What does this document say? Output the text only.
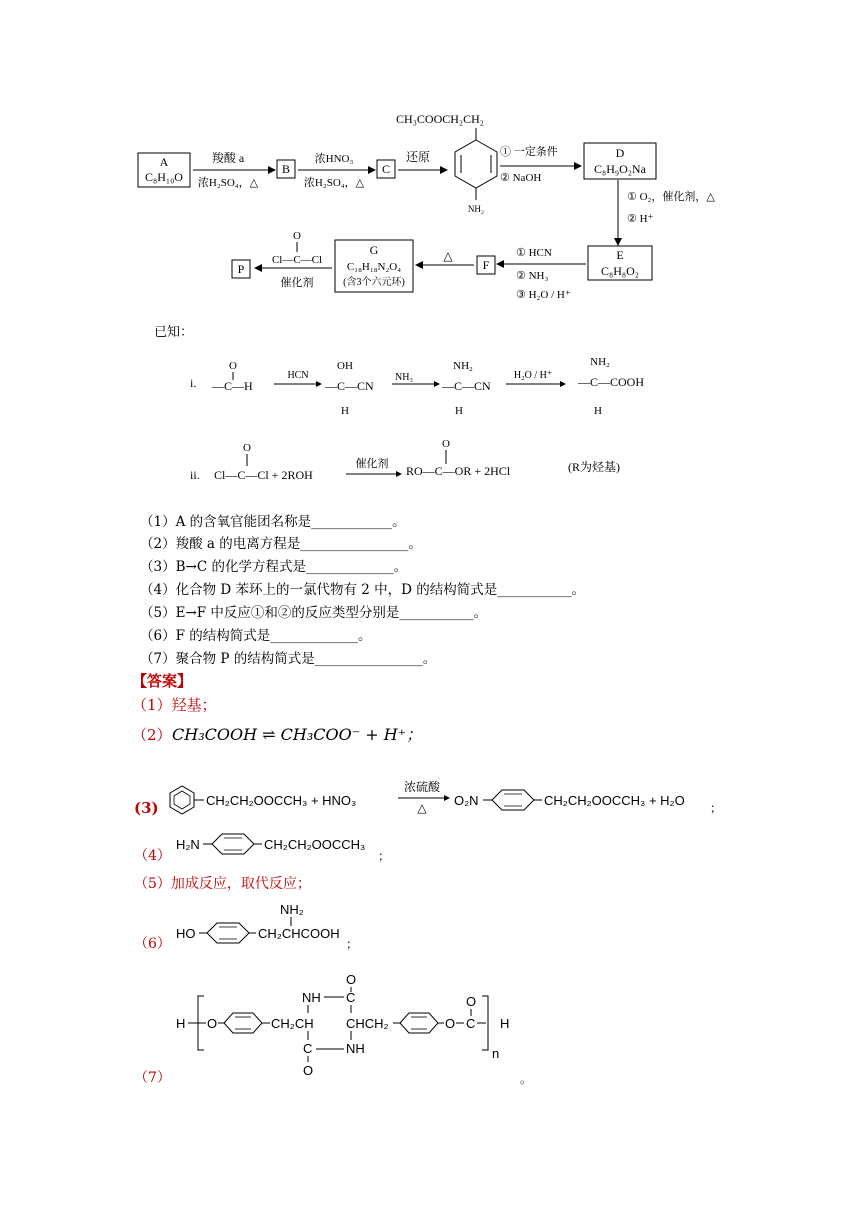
A
C₈H₁₀O
羧酸 a
浓H₂SO₄，△
B
浓HNO₃
浓H₂SO₄，△
C
还原
CH₃COOCH₂CH₂
NH₂
① 一定条件
② NaOH
D
C₈H₉O₂Na
① O₂，催化剂，△
② H⁺
E
C₈H₈O₂
① HCN
② NH₃
③ H₂O / H⁺
F
△
G
C₁₈H₁₈N₂O₄
(含3个六元环)
O
Cl—C—Cl
催化剂
P
已知：
i.
O
—C—H
HCN
OH
—C—CN
H
NH₃
NH₂
—C—CN
H
H₂O / H⁺
NH₂
—C—COOH
H
ii.
O
Cl—C—Cl + 2ROH
催化剂
O
RO—C—OR + 2HCl	(R为烃基)
（1）A 的含氧官能团名称是____________。
（2）羧酸 a 的电离方程是________________。
（3）B→C 的化学方程式是_____________。
（4）化合物 D 苯环上的一氯代物有 2 中，D 的结构简式是___________。
（5）E→F 中反应①和②的反应类型分别是___________。
（6）F 的结构简式是_____________。
（7）聚合物 P 的结构简式是________________。
【答案】
（1）羟基；
（2） CH₃COOH ⇌ CH₃COO⁻ + H⁺；
(3)	CH₂CH₂OOCCH₃ + HNO₃
浓硫酸
△ O₂N	CH₂CH₂OOCCH₃ + H₂O ；
（4）
H₂N	CH₂CH₂OOCCH₃
；
（5）加成反应，取代反应；
（6）
HO
NH₂
CH₂CHCOOH
；
（7）
H O	CH₂CH
NH
O
C
CHCH₂	O
O
C H
n
C
O
NH
。
